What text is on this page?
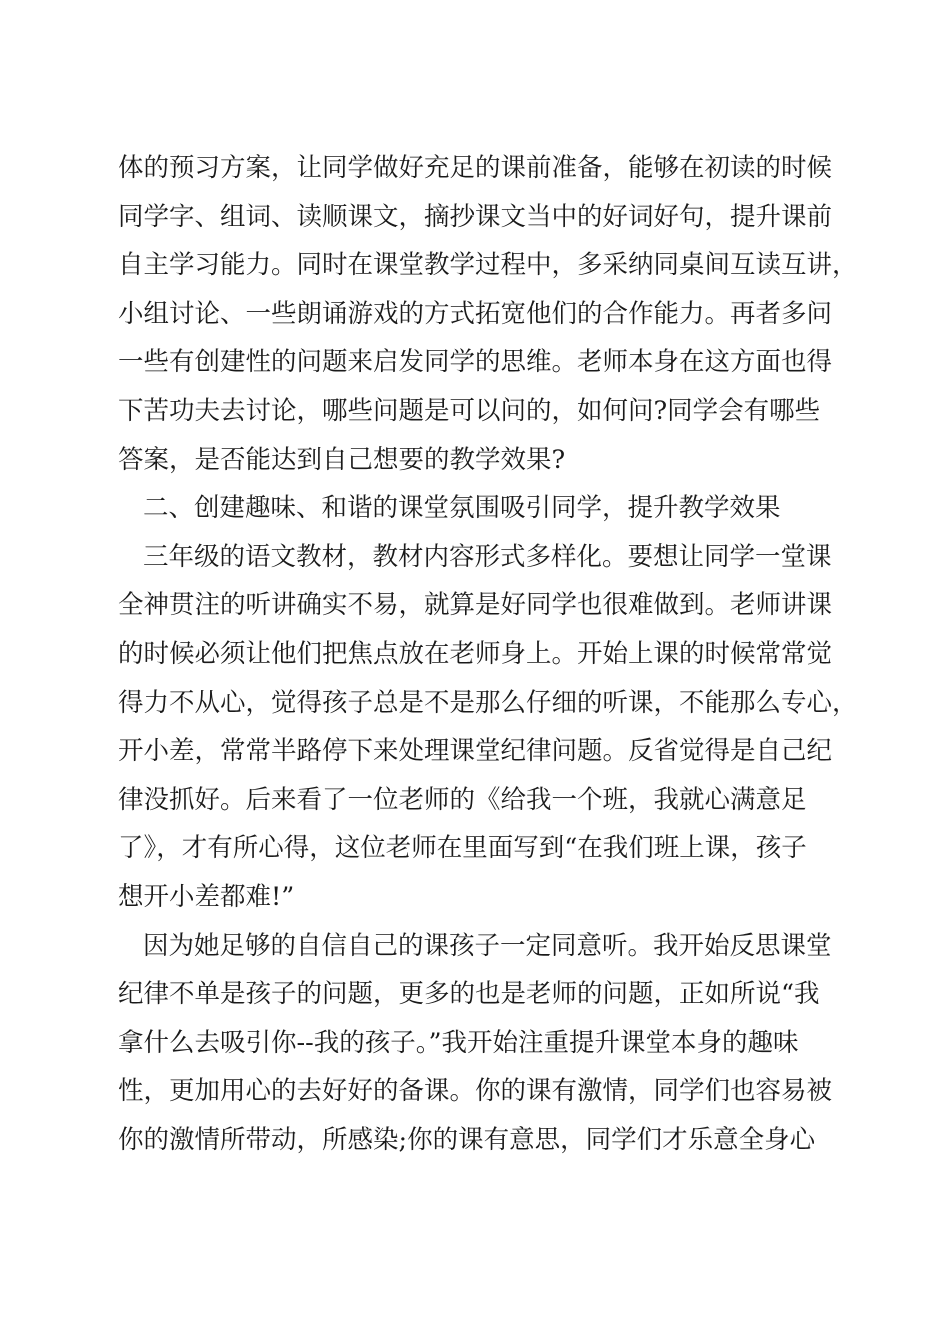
体的预习方案，让同学做好充足的课前准备，能够在初读的时候
同学字、组词、读顺课文，摘抄课文当中的好词好句，提升课前
自主学习能力。同时在课堂教学过程中，多采纳同桌间互读互讲，
小组讨论、一些朗诵游戏的方式拓宽他们的合作能力。再者多问
一些有创建性的问题来启发同学的思维。老师本身在这方面也得
下苦功夫去讨论，哪些问题是可以问的，如何问?同学会有哪些
答案，是否能达到自己想要的教学效果?
二、创建趣味、和谐的课堂氛围吸引同学，提升教学效果
三年级的语文教材，教材内容形式多样化。要想让同学一堂课
全神贯注的听讲确实不易，就算是好同学也很难做到。老师讲课
的时候必须让他们把焦点放在老师身上。开始上课的时候常常觉
得力不从心，觉得孩子总是不是那么仔细的听课，不能那么专心，
开小差，常常半路停下来处理课堂纪律问题。反省觉得是自己纪
律没抓好。后来看了一位老师的《给我一个班，我就心满意足
了》，才有所心得，这位老师在里面写到“在我们班上课，孩子
想开小差都难!”
因为她足够的自信自己的课孩子一定同意听。我开始反思课堂
纪律不单是孩子的问题，更多的也是老师的问题，正如所说“我
拿什么去吸引你--我的孩子。”我开始注重提升课堂本身的趣味
性，更加用心的去好好的备课。你的课有激情，同学们也容易被
你的激情所带动，所感染;你的课有意思，同学们才乐意全身心
